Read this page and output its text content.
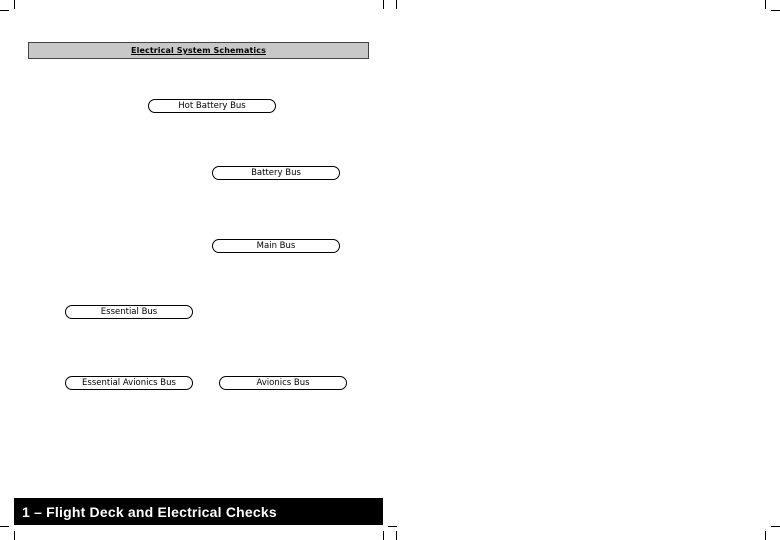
Electrical System Schematics
Hot Battery Bus
Battery Bus
Main Bus
Essential Bus
Essential Avionics Bus	Avionics Bus
1 – Flight Deck and Electrical Checks
